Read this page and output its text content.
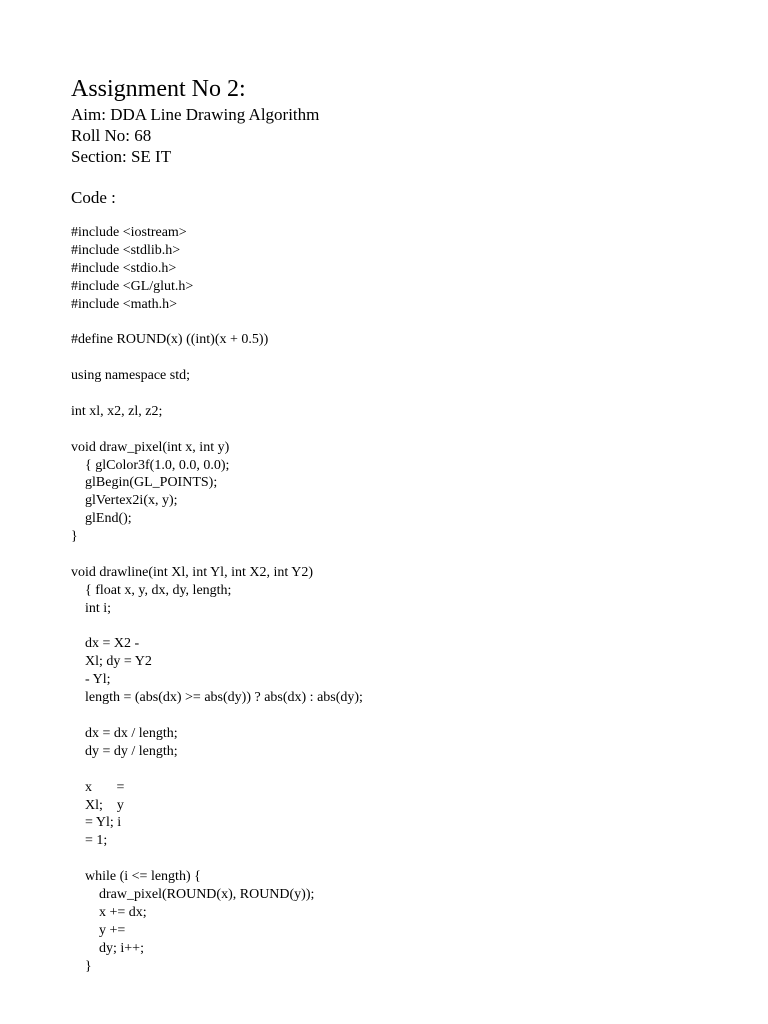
Assignment No 2:
Aim: DDA Line Drawing Algorithm
Roll No: 68
Section: SE IT
Code :
#include <iostream>
#include <stdlib.h>
#include <stdio.h>
#include <GL/glut.h>
#include <math.h>
#define ROUND(x) ((int)(x + 0.5))
using namespace std;
int xl, x2, zl, z2;
void draw_pixel(int x, int y)
{ glColor3f(1.0, 0.0, 0.0);
glBegin(GL_POINTS);
glVertex2i(x, y);
glEnd();
}
void drawline(int Xl, int Yl, int X2, int Y2)
{ float x, y, dx, dy, length;
int i;
dx = X2 -
Xl; dy = Y2
- Yl;
length = (abs(dx) >= abs(dy)) ? abs(dx) : abs(dy);
dx = dx / length;
dy = dy / length;
x       =
Xl;    y
= Yl; i
= 1;
while (i <= length) {
draw_pixel(ROUND(x), ROUND(y));
x += dx;
y +=
dy; i++;
}
